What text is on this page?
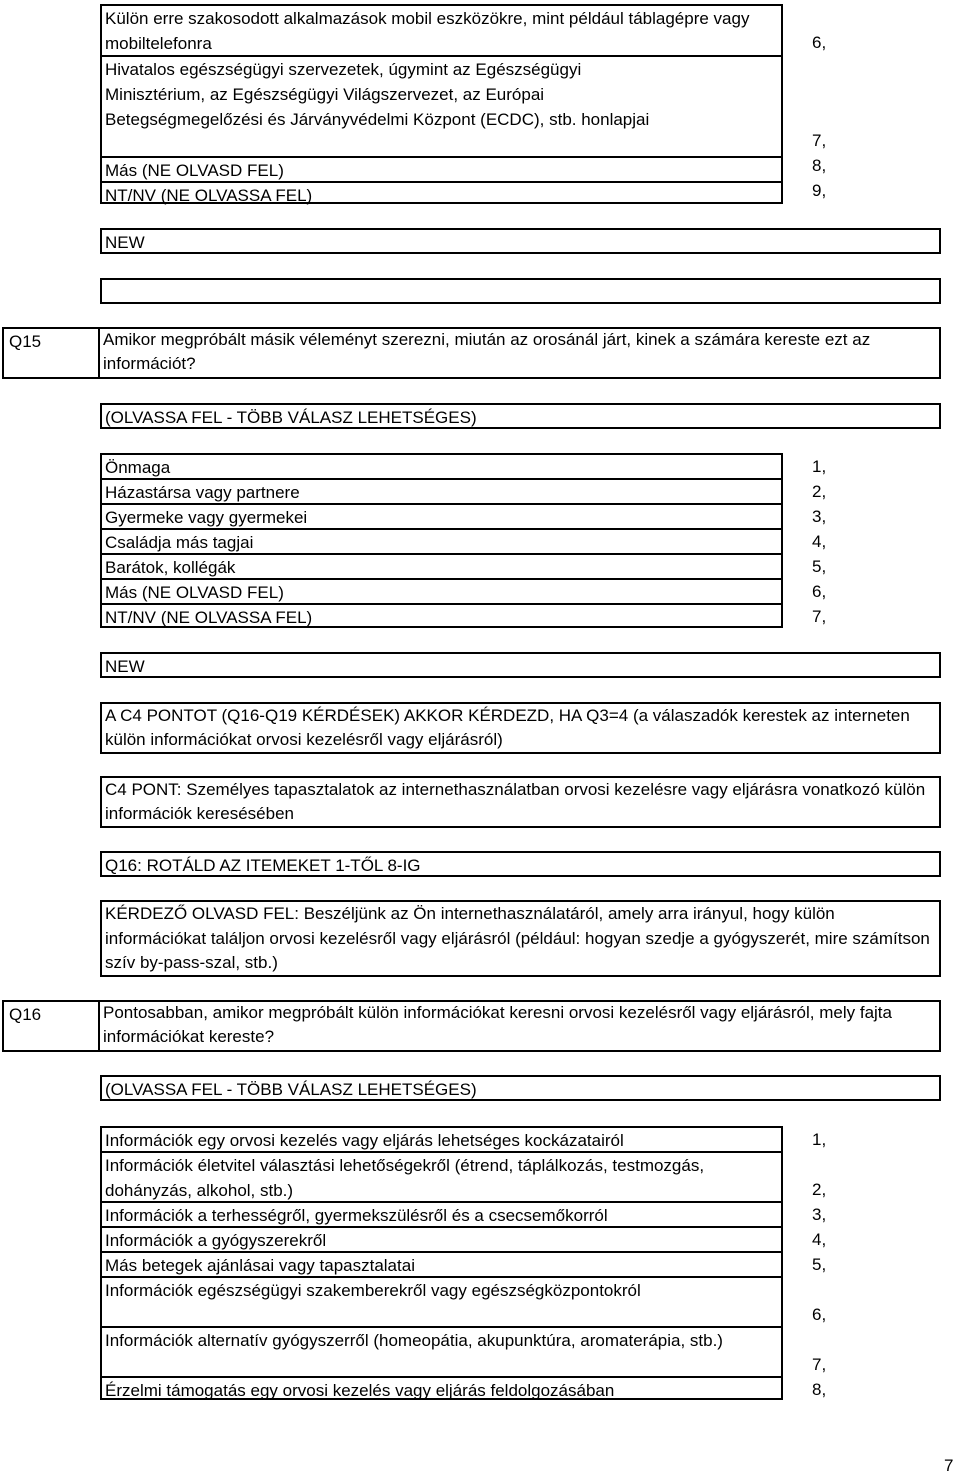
Külön erre szakosodott alkalmazások mobil eszközökre, mint például táblagépre vagy mobiltelefonra
Hivatalos egészségügyi szervezetek, úgymint az Egészségügyi Minisztérium, az Egészségügyi Világszervezet, az Európai Betegségmegelőzési és Járványvédelmi Központ (ECDC), stb. honlapjai
Más (NE OLVASD FEL)
NT/NV (NE OLVASSA FEL)
6,
7,
8,
9,
NEW
Q15	Amikor megpróbált másik véleményt szerezni, miután az orosánál járt, kinek a számára kereste ezt az információt?
(OLVASSA FEL - TÖBB VÁLASZ LEHETSÉGES)
Önmaga
Házastársa vagy partnere
Gyermeke vagy gyermekei
Családja más tagjai
Barátok, kollégák
Más (NE OLVASD FEL)
NT/NV (NE OLVASSA FEL)
1,
2,
3,
4,
5,
6,
7,
NEW
A C4 PONTOT (Q16-Q19 KÉRDÉSEK) AKKOR KÉRDEZD, HA Q3=4 (a válaszadók kerestek az interneten külön információkat orvosi kezelésről vagy eljárásról)
C4 PONT: Személyes tapasztalatok az internethasználatban orvosi kezelésre vagy eljárásra vonatkozó külön információk keresésében
Q16: ROTÁLD AZ ITEMEKET 1-TŐL 8-IG
KÉRDEZŐ OLVASD FEL: Beszéljünk az Ön internethasználatáról, amely arra irányul, hogy külön információkat találjon orvosi kezelésről vagy eljárásról (például: hogyan szedje a gyógyszerét, mire számítson szív by-pass-szal, stb.)
Q16	Pontosabban, amikor megpróbált külön információkat keresni orvosi kezelésről vagy eljárásról, mely fajta információkat kereste?
(OLVASSA FEL - TÖBB VÁLASZ LEHETSÉGES)
Információk egy orvosi kezelés vagy eljárás lehetséges kockázatairól
Információk életvitel választási lehetőségekről (étrend, táplálkozás, testmozgás, dohányzás, alkohol, stb.)
Információk a terhességről, gyermekszülésről és a csecsemőkorról
Információk a gyógyszerekről
Más betegek ajánlásai vagy tapasztalatai
Információk egészségügyi szakemberekről vagy egészségközpontokról
Információk alternatív gyógyszerről (homeopátia, akupunktúra, aromaterápia, stb.)
Érzelmi támogatás egy orvosi kezelés vagy eljárás feldolgozásában
1,
2,
3,
4,
5,
6,
7,
8,
7
